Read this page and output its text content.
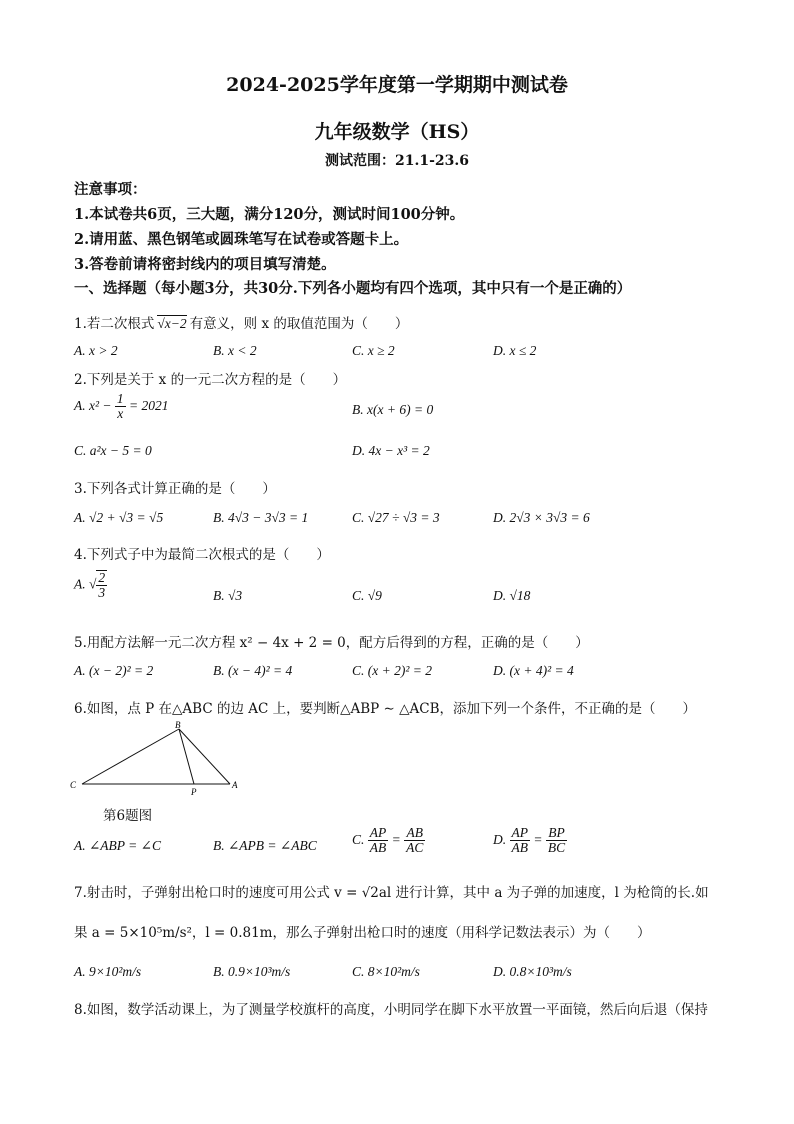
2024-2025学年度第一学期期中测试卷
九年级数学（HS）
测试范围：21.1-23.6
注意事项：
1.本试卷共6页，三大题，满分120分，测试时间100分钟。
2.请用蓝、黑色钢笔或圆珠笔写在试卷或答题卡上。
3.答卷前请将密封线内的项目填写清楚。
一、选择题（每小题3分，共30分.下列各小题均有四个选项，其中只有一个是正确的）
1.若二次根式 √x−2 有意义，则 x 的取值范围为（　　）
A. x > 2	B. x < 2	C. x ≥ 2	D. x ≤ 2
2.下列是关于 x 的一元二次方程的是（　　）
A. $x^2 - \frac{1}{x} = 2021$	B. x(x + 6) = 0
C. a²x − 5 = 0	D. 4x − x³ = 2
3.下列各式计算正确的是（　　）
A. √2 + √3 = √5	B. 4√3 − 3√3 = 1	C. √27 ÷ √3 = 3	D. 2√3 × 3√3 = 6
4.下列式子中为最简二次根式的是（　　）
A. √ $\frac{2}{3}$	B. √3	C. √9	D. √18
5.用配方法解一元二次方程 x² − 4x + 2 = 0，配方后得到的方程，正确的是（　　）
A. (x − 2)² = 2	B. (x − 4)² = 4	C. (x + 2)² = 2	D. (x + 4)² = 4
6.如图，点 P 在△ABC 的边 AC 上，要判断△ABP ∼ △ACB，添加下列一个条件，不正确的是（　　）
B
C
P
A
第6题图
A. ∠ABP = ∠C	B. ∠APB = ∠ABC	C. $\frac{AP}{AB} = \frac{AB}{AC}$	D. $\frac{AP}{AB} = \frac{BP}{BC}$
7.射击时，子弹射出枪口时的速度可用公式 v = √2al 进行计算，其中 a 为子弹的加速度，l 为枪筒的长.如
果 a = 5×10⁵m/s²，l = 0.81m，那么子弹射出枪口时的速度（用科学记数法表示）为（　　）
A. 9×10²m/s	B. 0.9×10³m/s	C. 8×10²m/s	D. 0.8×10³m/s
8.如图，数学活动课上，为了测量学校旗杆的高度，小明同学在脚下水平放置一平面镜，然后向后退（保持
